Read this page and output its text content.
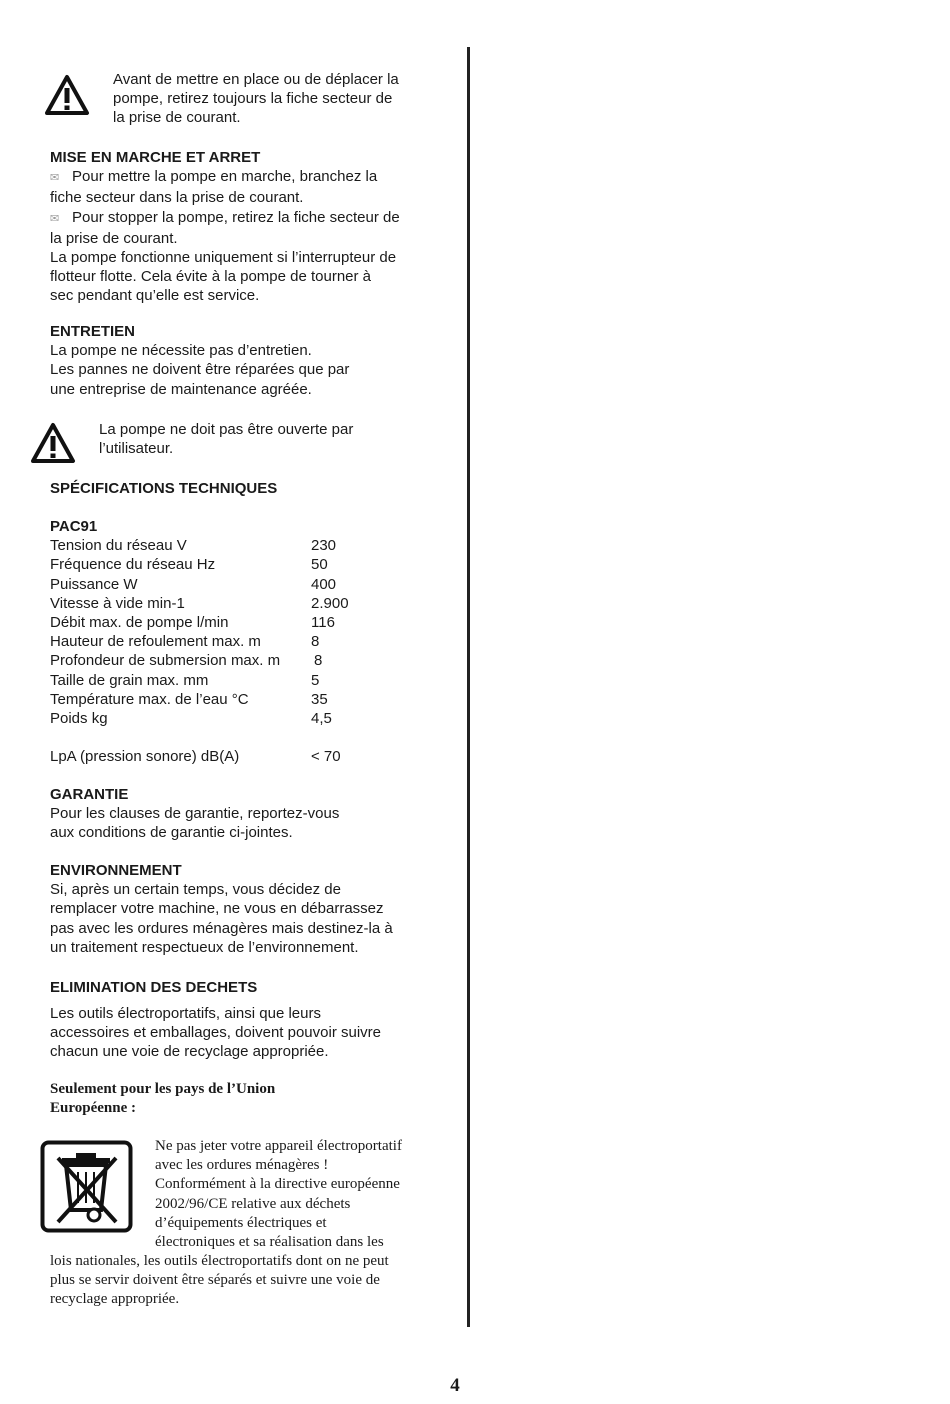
Avant de mettre en place ou de déplacer la
pompe, retirez toujours la fiche secteur de
la prise de courant.
MISE EN MARCHE ET ARRET
✉ Pour mettre la pompe en marche, branchez la
fiche secteur dans la prise de courant.
✉ Pour stopper la pompe, retirez la fiche secteur de
la prise de courant.
La pompe fonctionne uniquement si l’interrupteur de
flotteur flotte. Cela évite à la pompe de tourner à
sec pendant qu’elle est service.
ENTRETIEN
La pompe ne nécessite pas d’entretien.
Les pannes ne doivent être réparées que par
une entreprise de maintenance agréée.
La pompe ne doit pas être ouverte par
l’utilisateur.
SPÉCIFICATIONS TECHNIQUES
PAC91
Tension du réseau V	230
Fréquence du réseau Hz	50
Puissance W	400
Vitesse à vide min-1	2.900
Débit max. de pompe l/min	116
Hauteur de refoulement max. m	8
Profondeur de submersion max. m 8
Taille de grain max. mm	5
Température max. de l’eau °C	35
Poids kg	4,5
LpA (pression sonore) dB(A)	< 70
GARANTIE
Pour les clauses de garantie, reportez-vous
aux conditions de garantie ci-jointes.
ENVIRONNEMENT
Si, après un certain temps, vous décidez de
remplacer votre machine, ne vous en débarrassez
pas avec les ordures ménagères mais destinez-la à
un traitement respectueux de l’environnement.
ELIMINATION DES DECHETS
Les outils électroportatifs, ainsi que leurs
accessoires et emballages, doivent pouvoir suivre
chacun une voie de recyclage appropriée.
Seulement pour les pays de l’Union
Européenne :
Ne pas jeter votre appareil électroportatif
avec les ordures ménagères !
Conformément à la directive européenne
2002/96/CE relative aux déchets
d’équipements électriques et
électroniques et sa réalisation dans les
lois nationales, les outils électroportatifs dont on ne peut
plus se servir doivent être séparés et suivre une voie de
recyclage appropriée.
4
